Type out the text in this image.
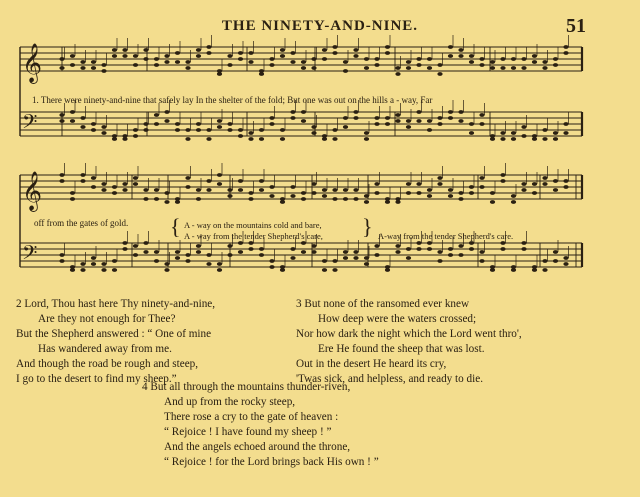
THE NINETY-AND-NINE.	51
𝄞
𝄢
𝄞
𝄢
1. There were ninety-and-nine that safely lay In the shelter of the fold; But one was out on the hills a - way, Far
off from the gates of gold. { A - way on the mountains cold and bare,
A - way from the tender Shepherd's care, } A-way from the tender Shepherd's care.
2 Lord, Thou hast here Thy ninety-and-nine,
Are they not enough for Thee?
But the Shepherd answered : “ One of mine
Has wandered away from me.
And though the road be rough and steep,
I go to the desert to find my sheep.”
3 But none of the ransomed ever knew
How deep were the waters crossed;
Nor how dark the night which the Lord went thro',
Ere He found the sheep that was lost.
Out in the desert He heard its cry,
'Twas sick, and helpless, and ready to die.
4 But all through the mountains thunder-riven,
And up from the rocky steep,
There rose a cry to the gate of heaven :
“ Rejoice ! I have found my sheep ! ”
And the angels echoed around the throne,
“ Rejoice ! for the Lord brings back His own ! ”
